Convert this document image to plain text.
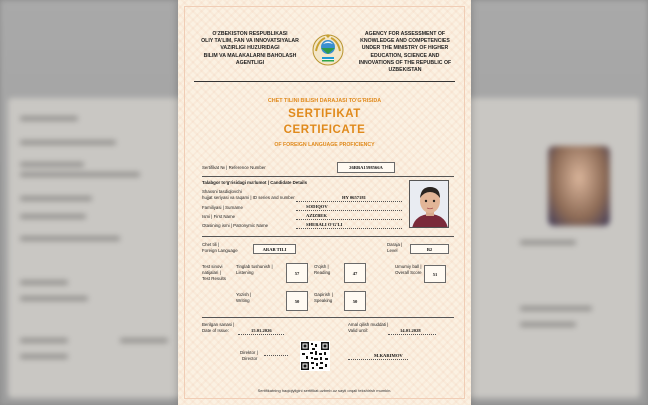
O'ZBEKISTON RESPUBLIKASI
OLIY TA'LIM, FAN VA INNOVATSIYALAR
VAZIRLIGI HUZURIDAGI
BILIM VA MALAKALARNI BAHOLASH
AGENTLIGI
AGENCY FOR ASSESSMENT OF
KNOWLEDGE AND COMPETENCIES
UNDER THE MINISTRY OF HIGHER
EDUCATION, SCIENCE AND
INNOVATIONS OF THE REPUBLIC OF
UZBEKISTAN
CHET TILINI BILISH DARAJASI TO'G'RISIDA
SERTIFIKAT
CERTIFICATE
OF FOREIGN LANGUAGE PROFICIENCY
Sertifikat № | Reference Number	26RBA1598566A
Talabgor to'g'risidagi ma'lumot | Candidate Details
Shaxsni tasdiqlovchi
hujjat seriyasi va raqami | ID series and number	HY 0657181
Familiyasi | Surname	SODIQOV
Ismi | First Name	AZIZBEK
Otasining ismi | Patronymic Name	SHERALI O'G'LI
Chet tili |
Foreign Language	ARAB TILI
Daraja |
Level	B2
Test sinovi
natijalari |
Test Results
Tinglab tushunish |
Listening	57
O'qish |
Reading	47
Umumiy ball |
Overall Score	51
Yozish |
Writing	50
Gapirish |
Speaking	50
Berilgan sanasi |
Date of Issue:	15.01.2026
Amal qilish muddati |
Valid until:	14.01.2028
Direktor |
Director
M.KARIMOV
Sertifikatning haqiqiyligini sertifikat.uzbmb.uz sayti orqali tekshirish mumkin.
